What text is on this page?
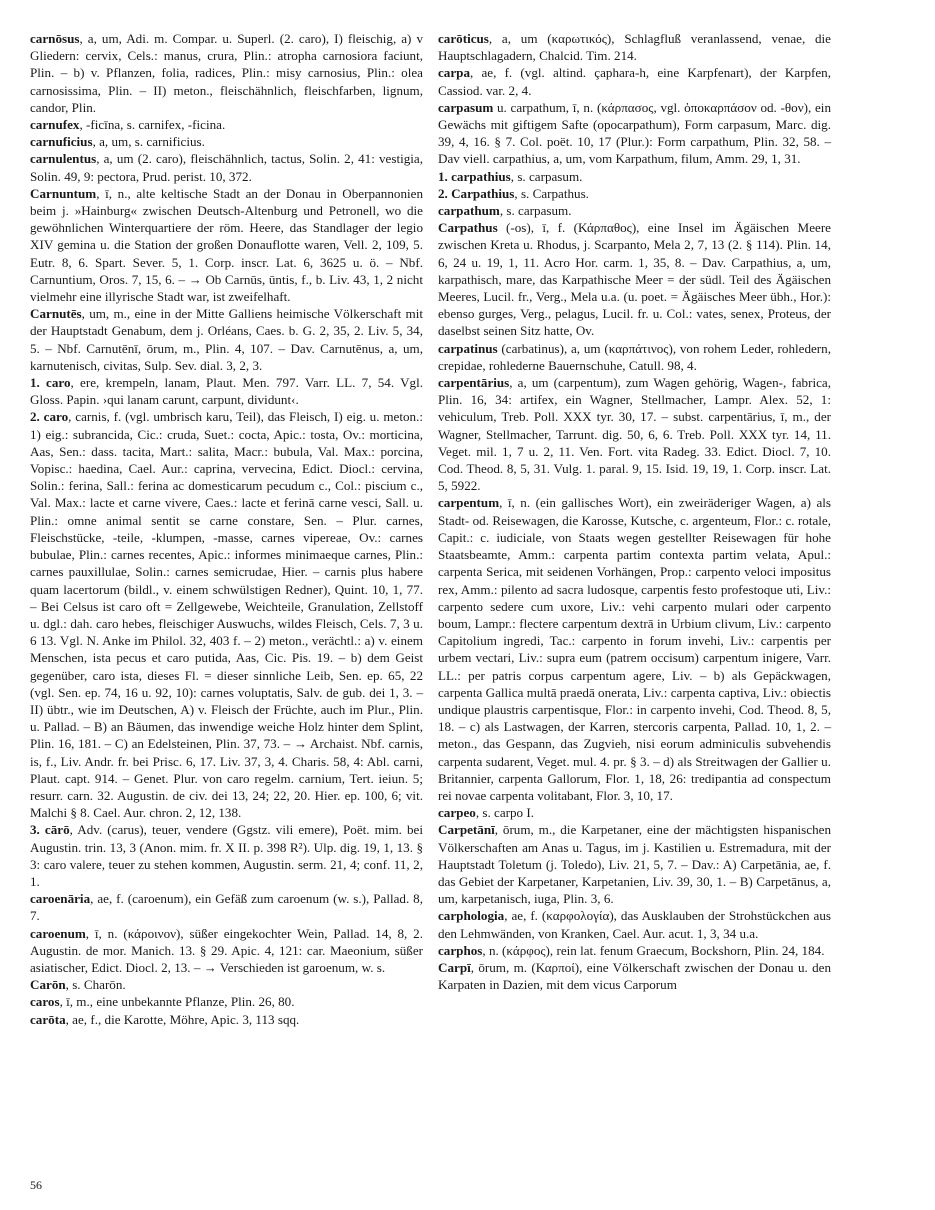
carnōsus, a, um, Adi. m. Compar. u. Superl. (2. caro), I) fleischig, a) v Gliedern: cervix, Cels.: manus, crura, Plin.: atropha carnosiora faciunt, Plin. – b) v. Pflanzen, folia, radices, Plin.: misy carnosius, Plin.: olea carnosissima, Plin. – II) meton., fleischähnlich, fleischfarben, lignum, candor, Plin.

carnufex, -ficīna, s. carnifex, -ficina.

carnuficius, a, um, s. carnificius.

carnulentus, a, um (2. caro), fleischähnlich, tactus, Solin. 2, 41: vestigia, Solin. 49, 9: pectora, Prud. perist. 10, 372.

Carnuntum, ī, n., alte keltische Stadt an der Donau in Oberpannonien beim j. »Hainburg« zwischen Deutsch-Altenburg und Petronell, wo die gewöhnlichen Winterquartiere der röm. Heere, das Standlager der legio XIV gemina u. die Station der großen Donauflotte waren, Vell. 2, 109, 5. Eutr. 8, 6. Spart. Sever. 5, 1. Corp. inscr. Lat. 6, 3625 u. ö. – Nbf. Carnuntium, Oros. 7, 15, 6. – → Ob Carnūs, ūntis, f., b. Liv. 43, 1, 2 nicht vielmehr eine illyrische Stadt war, ist zweifelhaft.

Carnutēs, um, m., eine in der Mitte Galliens heimische Völkerschaft mit der Hauptstadt Genabum, dem j. Orléans, Caes. b. G. 2, 35, 2. Liv. 5, 34, 5. – Nbf. Carnutēnī, ōrum, m., Plin. 4, 107. – Dav. Carnutēnus, a, um, karnutenisch, civitas, Sulp. Sev. dial. 3, 2, 3.

1. caro, ere, krempeln, lanam, Plaut. Men. 797. Varr. LL. 7, 54. Vgl. Gloss. Papin. ›qui lanam carunt, carpunt, dividunt‹.

2. caro, carnis, f. (vgl. umbrisch karu, Teil), das Fleisch, I) eig. u. meton.: 1) eig.: subrancida, Cic.: cruda, Suet.: cocta, Apic.: tosta, Ov.: morticina, Aas, Sen.: dass. tacita, Mart.: salita, Macr.: bubula, Val. Max.: porcina, Vopisc.: haedina, Cael. Aur.: caprina, vervecina, Edict. Diocl.: cervina, Solin.: ferina, Sall.: ferina ac domesticarum pecudum c., Col.: piscium c., Val. Max.: lacte et carne vivere, Caes.: lacte et ferinā carne vesci, Sall. u. Plin.: omne animal sentit se carne constare, Sen. – Plur. carnes, Fleischstücke, -teile, -klumpen, -masse, carnes vipereae, Ov.: carnes bubulae, Plin.: carnes recentes, Apic.: informes minimaeque carnes, Plin.: carnes pauxillulae, Solin.: carnes semicrudae, Hier. – carnis plus habere quam lacertorum (bildl., v. einem schwülstigen Redner), Quint. 10, 1, 77. – Bei Celsus ist caro oft = Zellgewebe, Weichteile, Granulation, Zellstoff u. dgl.: dah. caro hebes, fleischiger Auswuchs, wildes Fleisch, Cels. 7, 3 u. 6 13. Vgl. N. Anke im Philol. 32, 403 f. – 2) meton., verächtl.: a) v. einem Menschen, ista pecus et caro putida, Aas, Cic. Pis. 19. – b) dem Geist gegenüber, caro ista, dieses Fl. = dieser sinnliche Leib, Sen. ep. 65, 22 (vgl. Sen. ep. 74, 16 u. 92, 10): carnes voluptatis, Salv. de gub. dei 1, 3. – II) übtr., wie im Deutschen, A) v. Fleisch der Früchte, auch im Plur., Plin. u. Pallad. – B) an Bäumen, das inwendige weiche Holz hinter dem Splint, Plin. 16, 181. – C) an Edelsteinen, Plin. 37, 73. – → Archaist. Nbf. carnis, is, f., Liv. Andr. fr. bei Prisc. 6, 17. Liv. 37, 3, 4. Charis. 58, 4: Abl. carni, Plaut. capt. 914. – Genet. Plur. von caro regelm. carnium, Tert. ieiun. 5; resurr. carn. 32. Augustin. de civ. dei 13, 24; 22, 20. Hier. ep. 100, 6; vit. Malchi § 8. Cael. Aur. chron. 2, 12, 138.

3. cārō, Adv. (carus), teuer, vendere (Ggstz. vili emere), Poët. mim. bei Augustin. trin. 13, 3 (Anon. mim. fr. X II. p. 398 R²). Ulp. dig. 19, 1, 13. § 3: caro valere, teuer zu stehen kommen, Augustin. serm. 21, 4; conf. 11, 2, 1.

caroenāria, ae, f. (caroenum), ein Gefäß zum caroenum (w. s.), Pallad. 8, 7.

caroenum, ī, n. (κάροινον), süßer eingekochter Wein, Pallad. 14, 8, 2. Augustin. de mor. Manich. 13. § 29. Apic. 4, 121: car. Maeonium, süßer asiatischer, Edict. Diocl. 2, 13. – → Verschieden ist garoenum, w. s.

Carōn, s. Charōn.

caros, ī, m., eine unbekannte Pflanze, Plin. 26, 80.

carōta, ae, f., die Karotte, Möhre, Apic. 3, 113 sqq.

carōticus, a, um (καρωτικός), Schlagfluß veranlassend, venae, die Hauptschlagadern, Chalcid. Tim. 214.

carpa, ae, f. (vgl. altind. çaphara-h, eine Karpfenart), der Karpfen, Cassiod. var. 2, 4.

carpasum u. carpathum, ī, n. (κάρπασος, vgl. ὀποκαρπάσον od. -θον), ein Gewächs mit giftigem Safte (opocarpathum), Form carpasum, Marc. dig. 39, 4, 16. § 7. Col. poët. 10, 17 (Plur.): Form carpathum, Plin. 32, 58. – Dav viell. carpathius, a, um, vom Karpathum, filum, Amm. 29, 1, 31.

1. carpathius, s. carpasum.

2. Carpathius, s. Carpathus.

carpathum, s. carpasum.

Carpathus (-os), ī, f. (Κάρπαθος), eine Insel im Ägäischen Meere zwischen Kreta u. Rhodus, j. Scarpanto, Mela 2, 7, 13 (2. § 114). Plin. 14, 6, 24 u. 19, 1, 11. Acro Hor. carm. 1, 35, 8. – Dav. Carpathius, a, um, karpathisch, mare, das Karpathische Meer = der südl. Teil des Ägäischen Meeres, Lucil. fr., Verg., Mela u.a. (u. poet. = Ägäisches Meer übh., Hor.): ebenso gurges, Verg., pelagus, Lucil. fr. u. Col.: vates, senex, Proteus, der daselbst seinen Sitz hatte, Ov.

carpatinus (carbatinus), a, um (καρπάτινος), von rohem Leder, rohledern, crepidae, rohlederne Bauernschuhe, Catull. 98, 4.

carpentārius, a, um (carpentum), zum Wagen gehörig, Wagen-, fabrica, Plin. 16, 34: artifex, ein Wagner, Stellmacher, Lampr. Alex. 52, 1: vehiculum, Treb. Poll. XXX tyr. 30, 17. – subst. carpentārius, ī, m., der Wagner, Stellmacher, Tarrunt. dig. 50, 6, 6. Treb. Poll. XXX tyr. 14, 11. Veget. mil. 1, 7 u. 2, 11. Ven. Fort. vita Radeg. 33. Edict. Diocl. 7, 10. Cod. Theod. 8, 5, 31. Vulg. 1. paral. 9, 15. Isid. 19, 19, 1. Corp. inscr. Lat. 5, 5922.

carpentum, ī, n. (ein gallisches Wort), ein zweiräderiger Wagen, a) als Stadt- od. Reisewagen, die Karosse, Kutsche, c. argenteum, Flor.: c. rotale, Capit.: c. iudiciale, von Staats wegen gestellter Reisewagen für hohe Staatsbeamte, Amm.: carpenta partim contexta partim velata, Apul.: carpenta Serica, mit seidenen Vorhängen, Prop.: carpento veloci impositus rex, Amm.: pilento ad sacra ludosque, carpentis festo profestoque uti, Liv.: carpento sedere cum uxore, Liv.: vehi carpento mulari oder carpento boum, Lampr.: flectere carpentum dextrā in Urbium clivum, Liv.: carpento Capitolium ingredi, Tac.: carpento in forum invehi, Liv.: carpentis per urbem vectari, Liv.: supra eum (patrem occisum) carpentum inigere, Varr. LL.: per patris corpus carpentum agere, Liv. – b) als Gepäckwagen, carpenta Gallica multā praedā onerata, Liv.: carpenta captiva, Liv.: obiectis undique plaustris carpentisque, Flor.: in carpento invehi, Cod. Theod. 8, 5, 18. – c) als Lastwagen, der Karren, stercoris carpenta, Pallad. 10, 1, 2. – meton., das Gespann, das Zugvieh, nisi eorum adminiculis subvehendis carpenta sudarent, Veget. mul. 4. pr. § 3. – d) als Streitwagen der Gallier u. Britannier, carpenta Gallorum, Flor. 1, 18, 26: tredipantia ad conspectum rei novae carpenta volitabant, Flor. 3, 10, 17.

carpeo, s. carpo I.

Carpetānī, ōrum, m., die Karpetaner, eine der mächtigsten hispanischen Völkerschaften am Anas u. Tagus, im j. Kastilien u. Estremadura, mit der Hauptstadt Toletum (j. Toledo), Liv. 21, 5, 7. – Dav.: A) Carpetānia, ae, f. das Gebiet der Karpetaner, Karpetanien, Liv. 39, 30, 1. – B) Carpetānus, a, um, karpetanisch, iuga, Plin. 3, 6.

carphologia, ae, f. (καρφολογία), das Ausklauben der Strohstückchen aus den Lehmwänden, von Kranken, Cael. Aur. acut. 1, 3, 34 u.a.

carphos, n. (κάρφος), rein lat. fenum Graecum, Bockshorn, Plin. 24, 184.

Carpī, ōrum, m. (Καρποί), eine Völkerschaft zwischen der Donau u. den Karpaten in Dazien, mit dem vicus Carporum

56
